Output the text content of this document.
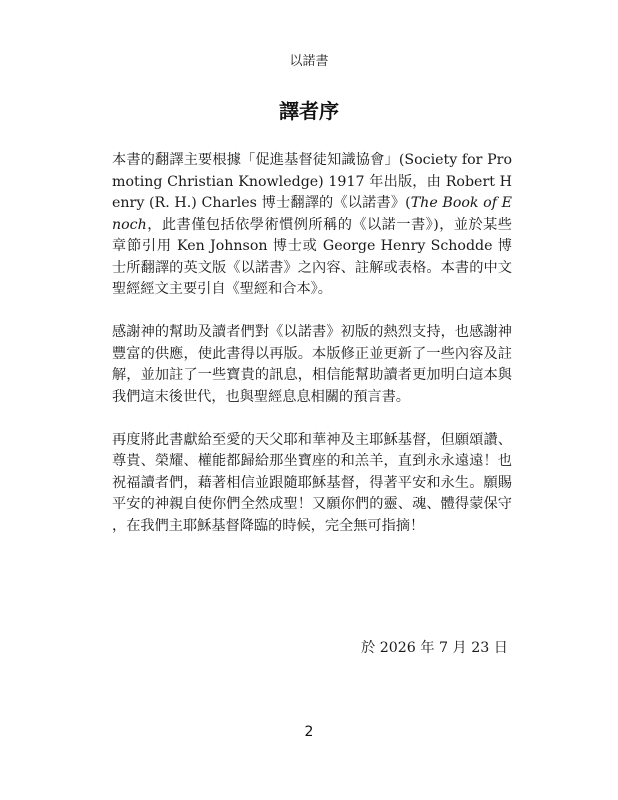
以諾書
譯者序

本書的翻譯主要根據「促進基督徒知識協會」(Society for Promoting Christian Knowledge) 1917 年出版，由 Robert Henry (R. H.) Charles 博士翻譯的《以諾書》(The Book of Enoch，此書僅包括依學術慣例所稱的《以諾一書》)，並於某些章節引用 Ken Johnson 博士或 George Henry Schodde 博士所翻譯的英文版《以諾書》之內容、註解或表格。本書的中文聖經經文主要引自《聖經和合本》。

感謝神的幫助及讀者們對《以諾書》初版的熱烈支持，也感謝神豐富的供應，使此書得以再版。本版修正並更新了一些內容及註解，並加註了一些寶貴的訊息，相信能幫助讀者更加明白這本與我們這末後世代，也與聖經息息相關的預言書。

再度將此書獻給至愛的天父耶和華神及主耶穌基督，但願頌讚、尊貴、榮耀、權能都歸給那坐寶座的和羔羊，直到永永遠遠！也祝福讀者們，藉著相信並跟隨耶穌基督，得著平安和永生。願賜平安的神親自使你們全然成聖！又願你們的靈、魂、體得蒙保守，在我們主耶穌基督降臨的時候，完全無可指摘！

於 2026 年 7 月 23 日
2
